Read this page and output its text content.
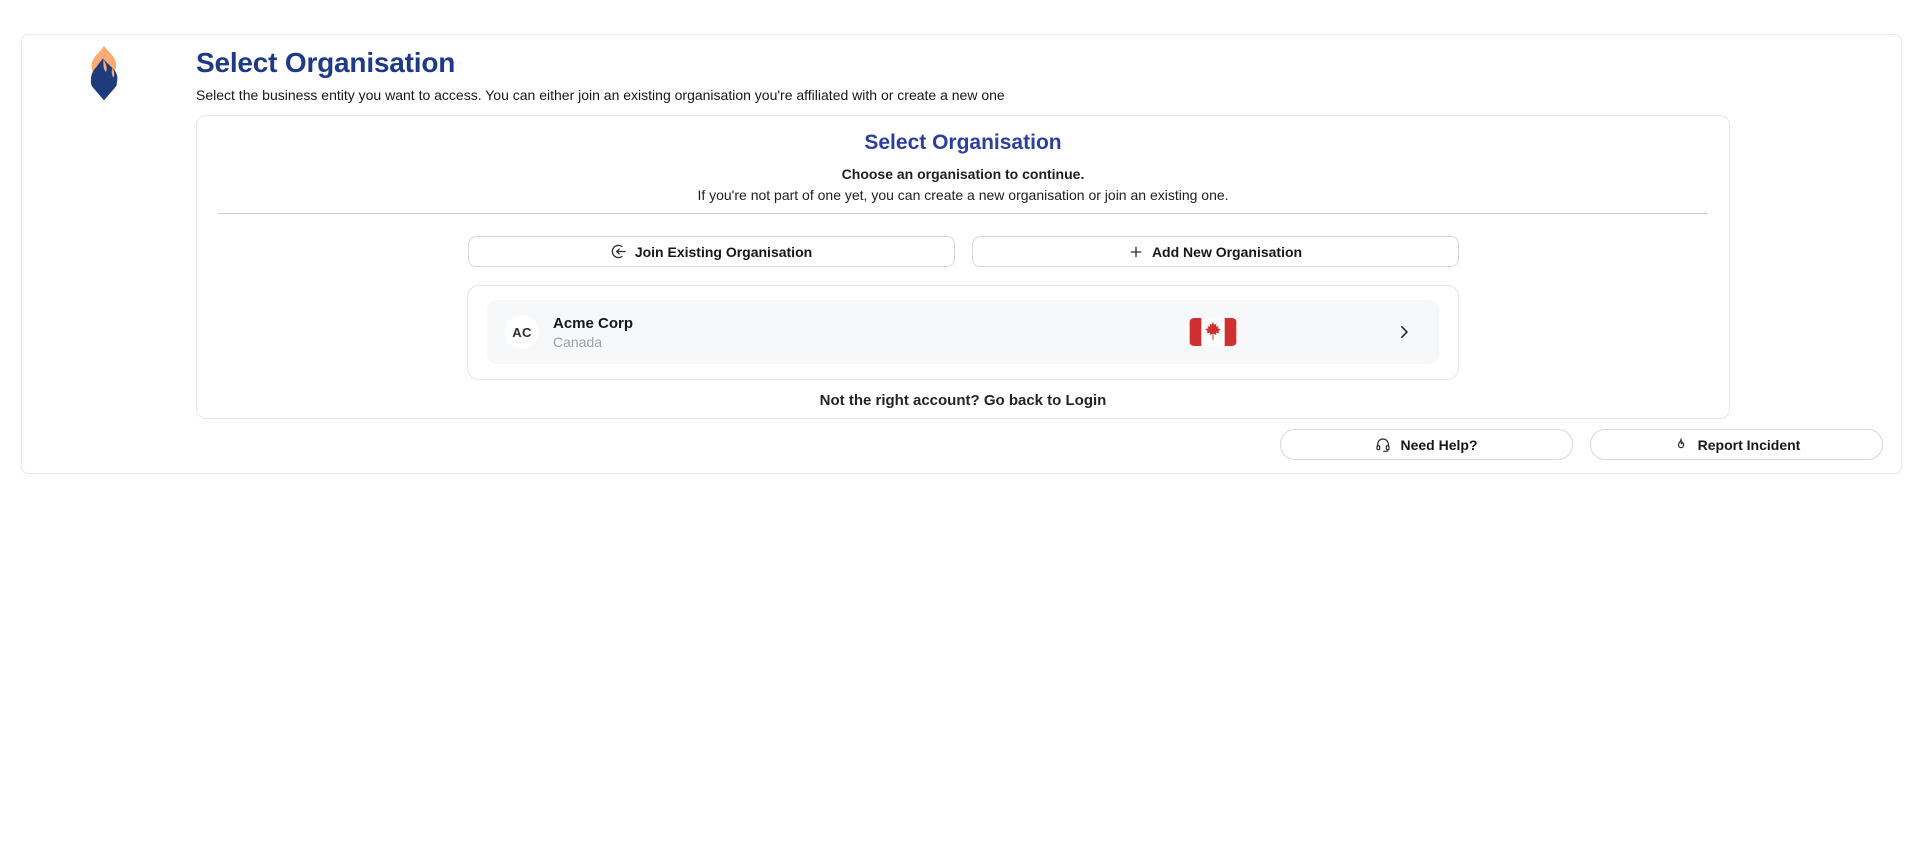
Select Organisation

Select the business entity you want to access. You can either join an existing organisation you're affiliated with or create a new one

Select Organisation

Choose an organisation to continue.

If you're not part of one yet, you can create a new organisation or join an existing one.

Join Existing Organisation	Add New Organisation
AC
Acme Corp
Canada
Not the right account? Go back to Login
Need Help?	Report Incident
